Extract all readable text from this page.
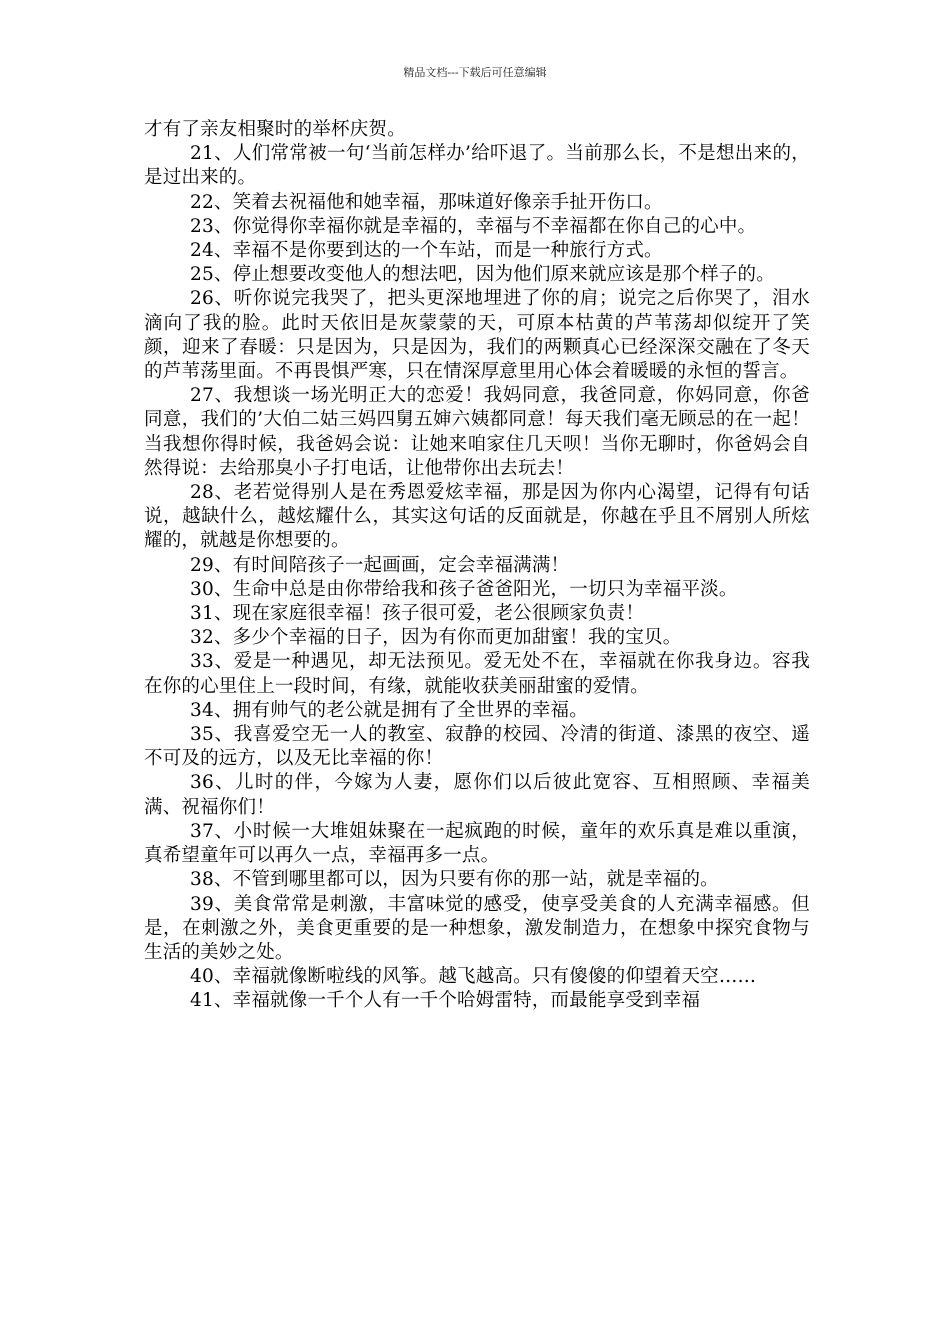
精品文档---下载后可任意编辑

才有了亲友相聚时的举杯庆贺。

21、人们常常被一句‘当前怎样办’给吓退了。当前那么长，不是想出来的，是过出来的。

22、笑着去祝福他和她幸福，那味道好像亲手扯开伤口。

23、你觉得你幸福你就是幸福的，幸福与不幸福都在你自己的心中。

24、幸福不是你要到达的一个车站，而是一种旅行方式。

25、停止想要改变他人的想法吧，因为他们原来就应该是那个样子的。

26、听你说完我哭了，把头更深地埋进了你的肩；说完之后你哭了，泪水滴向了我的脸。此时天依旧是灰蒙蒙的天，可原本枯黄的芦苇荡却似绽开了笑颜，迎来了春暖：只是因为，只是因为，我们的两颗真心已经深深交融在了冬天的芦苇荡里面。不再畏惧严寒，只在情深厚意里用心体会着暖暖的永恒的誓言。

27、我想谈一场光明正大的恋爱！我妈同意，我爸同意，你妈同意，你爸同意，我们的’大伯二姑三妈四舅五婶六姨都同意！每天我们毫无顾忌的在一起！当我想你得时候，我爸妈会说：让她来咱家住几天呗！当你无聊时，你爸妈会自然得说：去给那臭小子打电话，让他带你出去玩去！

28、老若觉得别人是在秀恩爱炫幸福，那是因为你内心渴望，记得有句话说，越缺什么，越炫耀什么，其实这句话的反面就是，你越在乎且不屑别人所炫耀的，就越是你想要的。

29、有时间陪孩子一起画画，定会幸福满满！

30、生命中总是由你带给我和孩子爸爸阳光，一切只为幸福平淡。

31、现在家庭很幸福！孩子很可爱，老公很顾家负责！

32、多少个幸福的日子，因为有你而更加甜蜜！我的宝贝。

33、爱是一种遇见，却无法预见。爱无处不在，幸福就在你我身边。容我在你的心里住上一段时间，有缘，就能收获美丽甜蜜的爱情。

34、拥有帅气的老公就是拥有了全世界的幸福。

35、我喜爱空无一人的教室、寂静的校园、冷清的街道、漆黑的夜空、遥不可及的远方，以及无比幸福的你！

36、儿时的伴，今嫁为人妻，愿你们以后彼此宽容、互相照顾、幸福美满、祝福你们！

37、小时候一大堆姐妹聚在一起疯跑的时候，童年的欢乐真是难以重演，真希望童年可以再久一点，幸福再多一点。

38、不管到哪里都可以，因为只要有你的那一站，就是幸福的。

39、美食常常是刺激，丰富味觉的感受，使享受美食的人充满幸福感。但是，在刺激之外，美食更重要的是一种想象，激发制造力，在想象中探究食物与生活的美妙之处。

40、幸福就像断啦线的风筝。越飞越高。只有傻傻的仰望着天空……

41、幸福就像一千个人有一千个哈姆雷特，而最能享受到幸福
